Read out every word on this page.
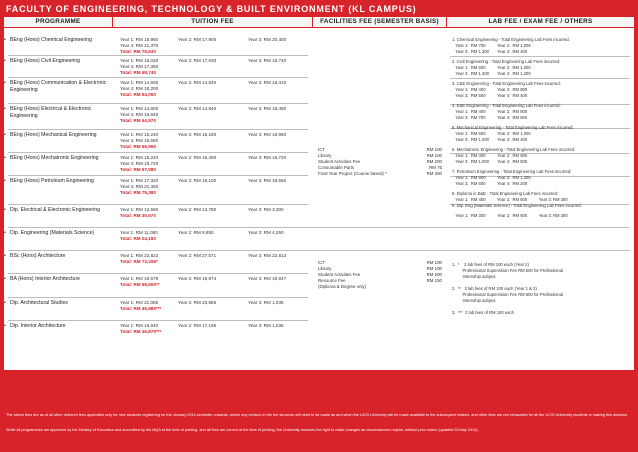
FACULTY OF ENGINEERING, TECHNOLOGY & BUILT ENVIRONMENT (KL CAMPUS)
PROGRAMME	TUITION FEE	FACILITIES FEE (SEMESTER BASIS)	LAB FEE / EXAM FEE / OTHERS
• BEng (Hons) Chemical Engineering	Year 1: RM 15,960	Year 2: RM 17,900	Year 3: RM 20,400
Year 4: RM 21,370
Total: RM 75,630
• BEng (Hons) Civil Engineering	Year 1: RM 15,020	Year 2: RM 17,630	Year 3: RM 18,740
Year 4: RM 17,350
Total: RM 68,740
• BEng (Hons) Communication & Electronic Engineering
Year 1: RM 14,600	Year 2: RM 14,840	Year 3: RM 16,410
Year 4: RM 18,200
Total: RM 64,050
• BEng (Hons) Electrical & Electronic Engineering
Year 1: RM 14,600	Year 2: RM 14,840	Year 3: RM 18,490
Year 4: RM 16,640
Total: RM 64,570
• BEng (Hons) Mechanical Engineering	Year 1: RM 15,240	Year 2: RM 16,180	Year 3: RM 18,960
Year 4: RM 15,580
Total: RM 65,960
• BEng (Hons) Mechatronic Engineering	Year 1: RM 15,240	Year 2: RM 16,400	Year 3: RM 16,720
Year 4: RM 18,720
Total: RM 67,080
• BEng (Hons) Petroleum Engineering	Year 1: RM 17,320	Year 2: RM 18,100	Year 3: RM 18,560
Year 4: RM 21,400
Total: RM 75,380
• Dip. Electrical & Electronic Engineering	Year 1: RM 13,590	Year 2: RM 13,780	Year 3: RM 3,300
Total: RM 30,670
• Dip. Engineering (Materials Science)	Year 1: RM 11,050	Year 2: RM 8,850	Year 3: RM 4,250
Total: RM 24,150
• BSc (Hons) Architecture	Year 1: RM 22,822	Year 2: RM 27,571	Year 3: RM 22,813
Total: RM 73,206*
• BA (Hons) Interior Architecture	Year 1: RM 19,579	Year 2: RM 19,974	Year 3: RM 19,947
Total: RM 59,500**
• Dip. Architectural Studies	Year 1: RM 21,085	Year 2: RM 23,865	Year 3: RM 1,035
Total: RM 45,985***
• Dip. Interior Architecture	Year 1: RM 18,640	Year 2: RM 17,195	Year 3: RM 1,035
Total: RM 36,870***
ICT	RM 100
Library	RM 100
Student Activities Fee	RM 200
Consumable Parts	RM 75
Final Year Project (Course based) *	RM 300
ICT	RM 100
Library	RM 100
Student Activities Fee	RM 200
Resource Fee	RM 150
(Diploma & Degree only)
1. Chemical Engineering - Total Engineering Lab Fees incurred:
Year 1:  RM 700          Year 2:  RM 1,000
Year 3:  RM 1,300       Year 4:  RM 400
2. Civil Engineering - Total Engineering Lab Fees incurred:
Year 1:  RM 600          Year 2:  RM 1,000
Year 3:  RM 1,400       Year 4:  RM 1,200
3. C&E Engineering - Total Engineering Lab Fees incurred:
Year 1:  RM 400          Year 2:  RM 800
Year 3:  RM 500          Year 4:  RM 400
4. E&E Engineering - Total Engineering Lab Fees incurred:
Year 1:  RM 400          Year 2:  RM 800
Year 3:  RM 700          Year 4:  RM 500
5. Mechanical Engineering - Total Engineering Lab Fees incurred:
Year 1:  RM 600          Year 2:  RM 1,000
Year 3:  RM 1,000       Year 4:  RM 400
6. Mechatronic Engineering - Total Engineering Lab Fees incurred:
Year 1:  RM 400          Year 2:  RM 900
Year 3:  RM 1,000       Year 4:  RM 500
7. Petroleum Engineering - Total Engineering Lab Fees incurred:
Year 1:  RM 900          Year 2:  RM 1,300
Year 3:  RM 600          Year 4:  RM 200
8. Diploma in E&E - Total Engineering Lab Fees incurred:
Year 1:  RM 400          Year 2:  RM 600          Year 3: RM 300
9. Dip. Eng (Materials Science) - Total Engineering Lab Fees incurred:
Year 1:  RM 300          Year 2:  RM 600          Year 3: RM 300
1.  *    2 lab fees of RM 100 each (Year 2)
Professional Supervision Fee RM 600 for Professional
Internship subject.
2.  **   2 lab fees of RM 100 each (Year 1 & 2)
Professional Supervision Fee RM 600 for Professional
Internship subject.
3.  ***  2 lab fees of RM 100 each
The above fees are as of all other deferred fees applicable only for new students registering for the January 2014 semester onwards, where any revision in the fee structure will need to be made as and when the UCSI University will be made available to the subsequent intakes, and other fees are not exhaustive for all the UCSI University students in making this decision.
While all programmes are approved by the Ministry of Education and accredited by the MQA at the time of printing, and all fees are correct at the time of printing, the University reserves the right to make changes as circumstances require, without prior notice (updated 03 May 2014).
